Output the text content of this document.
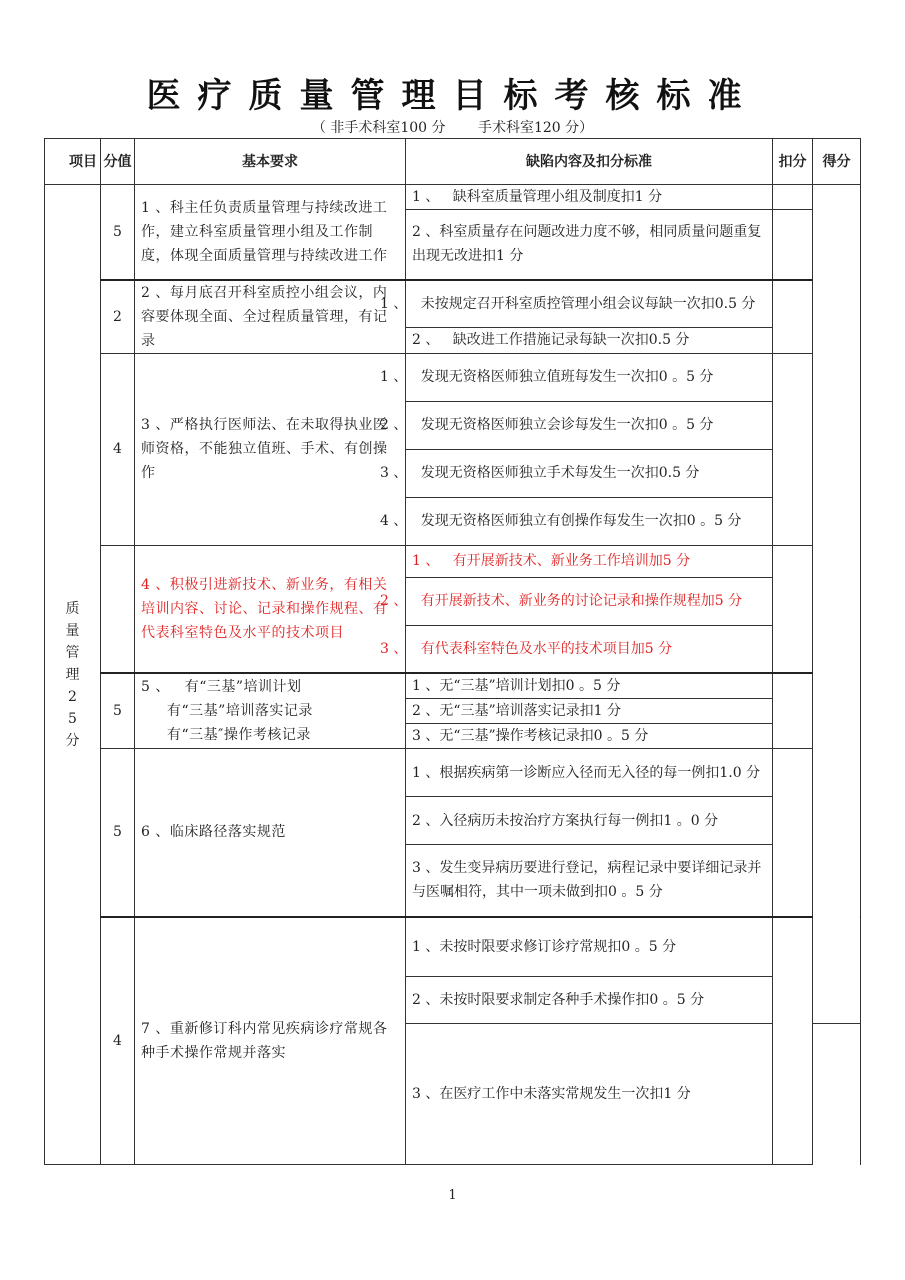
医疗质量管理目标考核标准
（ 非手术科室100 分 手术科室120 分）
项目	分值	基本要求	缺陷内容及扣分标准	扣分	得分	

质量管理25分	5	1 、科主任负责质量管理与持续改进工作，建立科室质量管理小组及工作制度，体现全面质量管理与持续改进工作	1 、   缺科室质量管理小组及制度扣1 分			
			2 、科室质量存在问题改进力度不够，相同质量问题重复出现无改进扣1 分			
	2	2 、每月底召开科室质控小组会议，内容要体现全面、全过程质量管理，有记录	1 、   未按规定召开科室质控管理小组会议每缺一次扣0.5 分			
			2 、   缺改进工作措施记录每缺一次扣0.5 分			
	4	3 、严格执行医师法、在未取得执业医师资格，不能独立值班、手术、有创操作	1 、   发现无资格医师独立值班每发生一次扣0 。5 分			
			2 、   发现无资格医师独立会诊每发生一次扣0 。5 分			
			3 、   发现无资格医师独立手术每发生一次扣0.5 分			
			4 、   发现无资格医师独立有创操作每发生一次扣0 。5 分			
		4 、积极引进新技术、新业务，有相关培训内容、讨论、记录和操作规程、有代表科室特色及水平的技术项目	1 、   有开展新技术、新业务工作培训加5 分			
			2 、   有开展新技术、新业务的讨论记录和操作规程加5 分			
			3 、   有代表科室特色及水平的技术项目加5 分			
	5	5 、   有“三基”培训计划
有“三基”培训落实记录
有“三基″操作考核记录	1 、无“三基”培训计划扣0 。5 分			
			2 、无“三基”培训落实记录扣1 分			
			3 、无“三基”操作考核记录扣0 。5 分			
	5	6 、临床路径落实规范	1 、根据疾病第一诊断应入径而无入径的每一例扣1.0 分			
			2 、入径病历未按治疗方案执行每一例扣1 。0 分			
			3 、发生变异病历要进行登记，病程记录中要详细记录并与医嘱相符，其中一项未做到扣0 。5 分			
	4	7 、重新修订科内常见疾病诊疗常规各种手术操作常规并落实	1 、未按时限要求修订诊疗常规扣0 。5 分			
			2 、未按时限要求制定各种手术操作扣0 。5 分			
			3 、在医疗工作中未落实常规发生一次扣1 分			
1
